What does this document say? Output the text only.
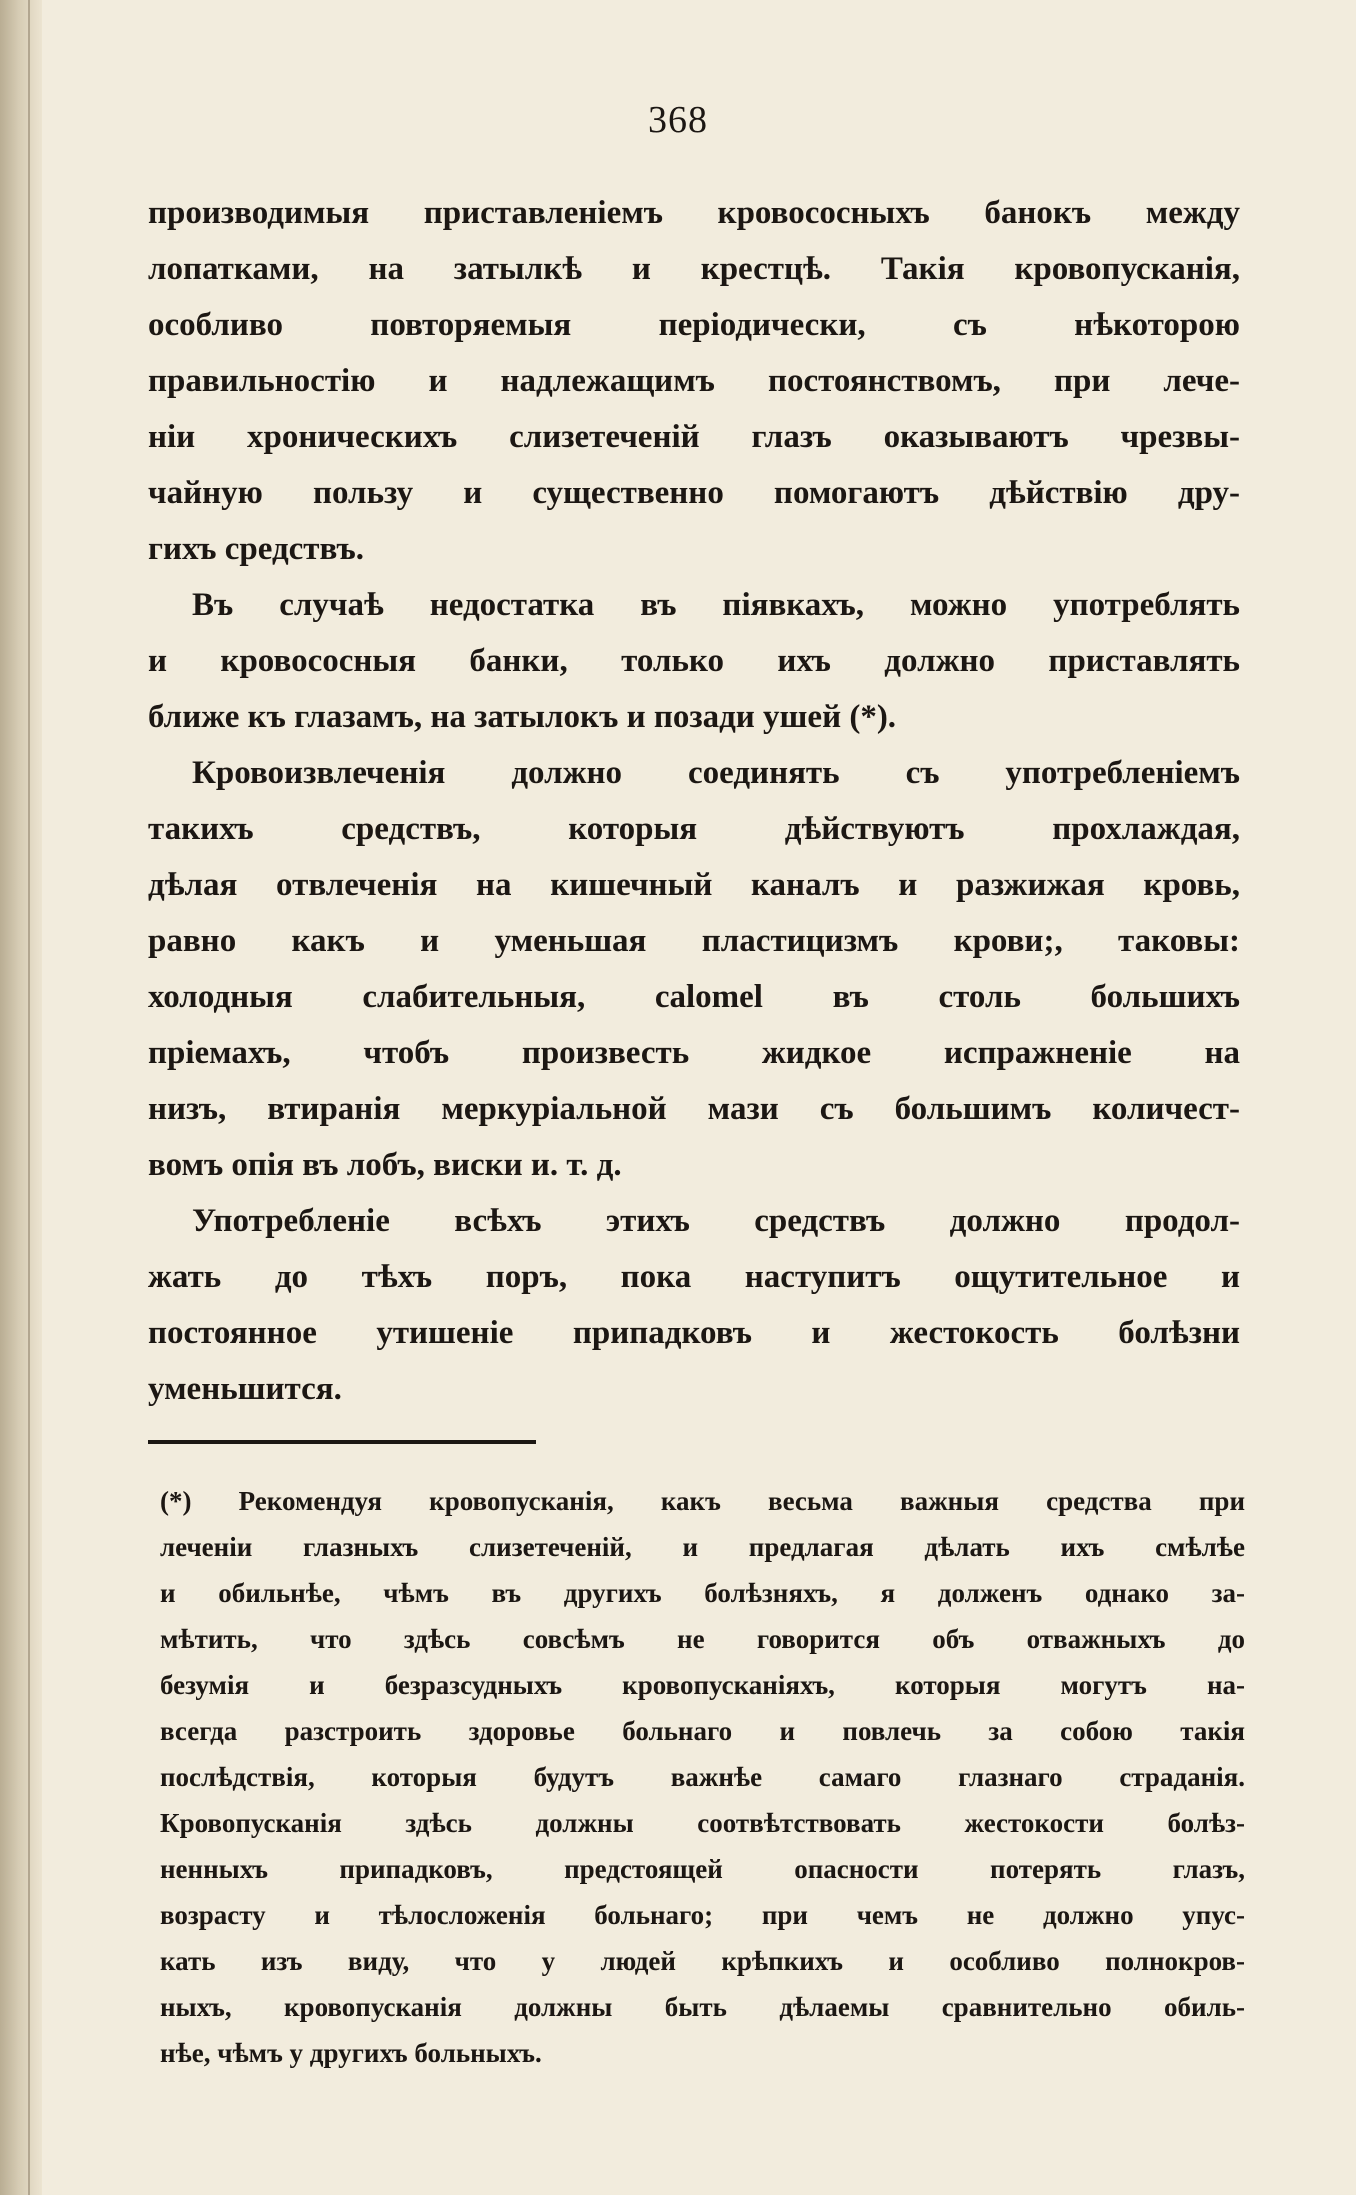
368
производимыя приставленіемъ кровососныхъ банокъ между
лопатками, на затылкѣ и крестцѣ. Такія кровопусканія,
особливо повторяемыя періодически, съ нѣкоторою
правильностію и надлежащимъ постоянствомъ, при лече-
ніи хроническихъ слизетеченій глазъ оказываютъ чрезвы-
чайную пользу и существенно помогаютъ дѣйствію дру-
гихъ средствъ.
Въ случаѣ недостатка въ піявкахъ, можно употреблять
и кровососныя банки, только ихъ должно приставлять
ближе къ глазамъ, на затылокъ и позади ушей (*).
Кровоизвлеченія должно соединять съ употребленіемъ
такихъ средствъ, которыя дѣйствуютъ прохлаждая,
дѣлая отвлеченія на кишечный каналъ и разжижая кровь,
равно какъ и уменьшая пластицизмъ крови;, таковы:
холодныя слабительныя, calomel въ столь большихъ
пріемахъ, чтобъ произвесть жидкое испражненіе на
низъ, втиранія меркуріальной мази съ большимъ количест-
вомъ опія въ лобъ, виски и. т. д.
Употребленіе всѣхъ этихъ средствъ должно продол-
жать до тѣхъ поръ, пока наступитъ ощутительное и
постоянное утишеніе припадковъ и жестокость болѣзни
уменьшится.
(*) Рекомендуя кровопусканія, какъ весьма важныя средства при
леченіи глазныхъ слизетеченій, и предлагая дѣлать ихъ смѣлѣе
и обильнѣе, чѣмъ въ другихъ болѣзняхъ, я долженъ однако за-
мѣтить, что здѣсь совсѣмъ не говорится объ отважныхъ до
безумія и безразсудныхъ кровопусканіяхъ, которыя могутъ на-
всегда разстроить здоровье больнаго и повлечь за собою такія
послѣдствія, которыя будутъ важнѣе самаго глазнаго страданія.
Кровопусканія здѣсь должны соотвѣтствовать жестокости болѣз-
ненныхъ припадковъ, предстоящей опасности потерять глазъ,
возрасту и тѣлосложенія больнаго; при чемъ не должно упус-
кать изъ виду, что у людей крѣпкихъ и особливо полнокров-
ныхъ, кровопусканія должны быть дѣлаемы сравнительно обиль-
нѣе, чѣмъ у другихъ больныхъ.
